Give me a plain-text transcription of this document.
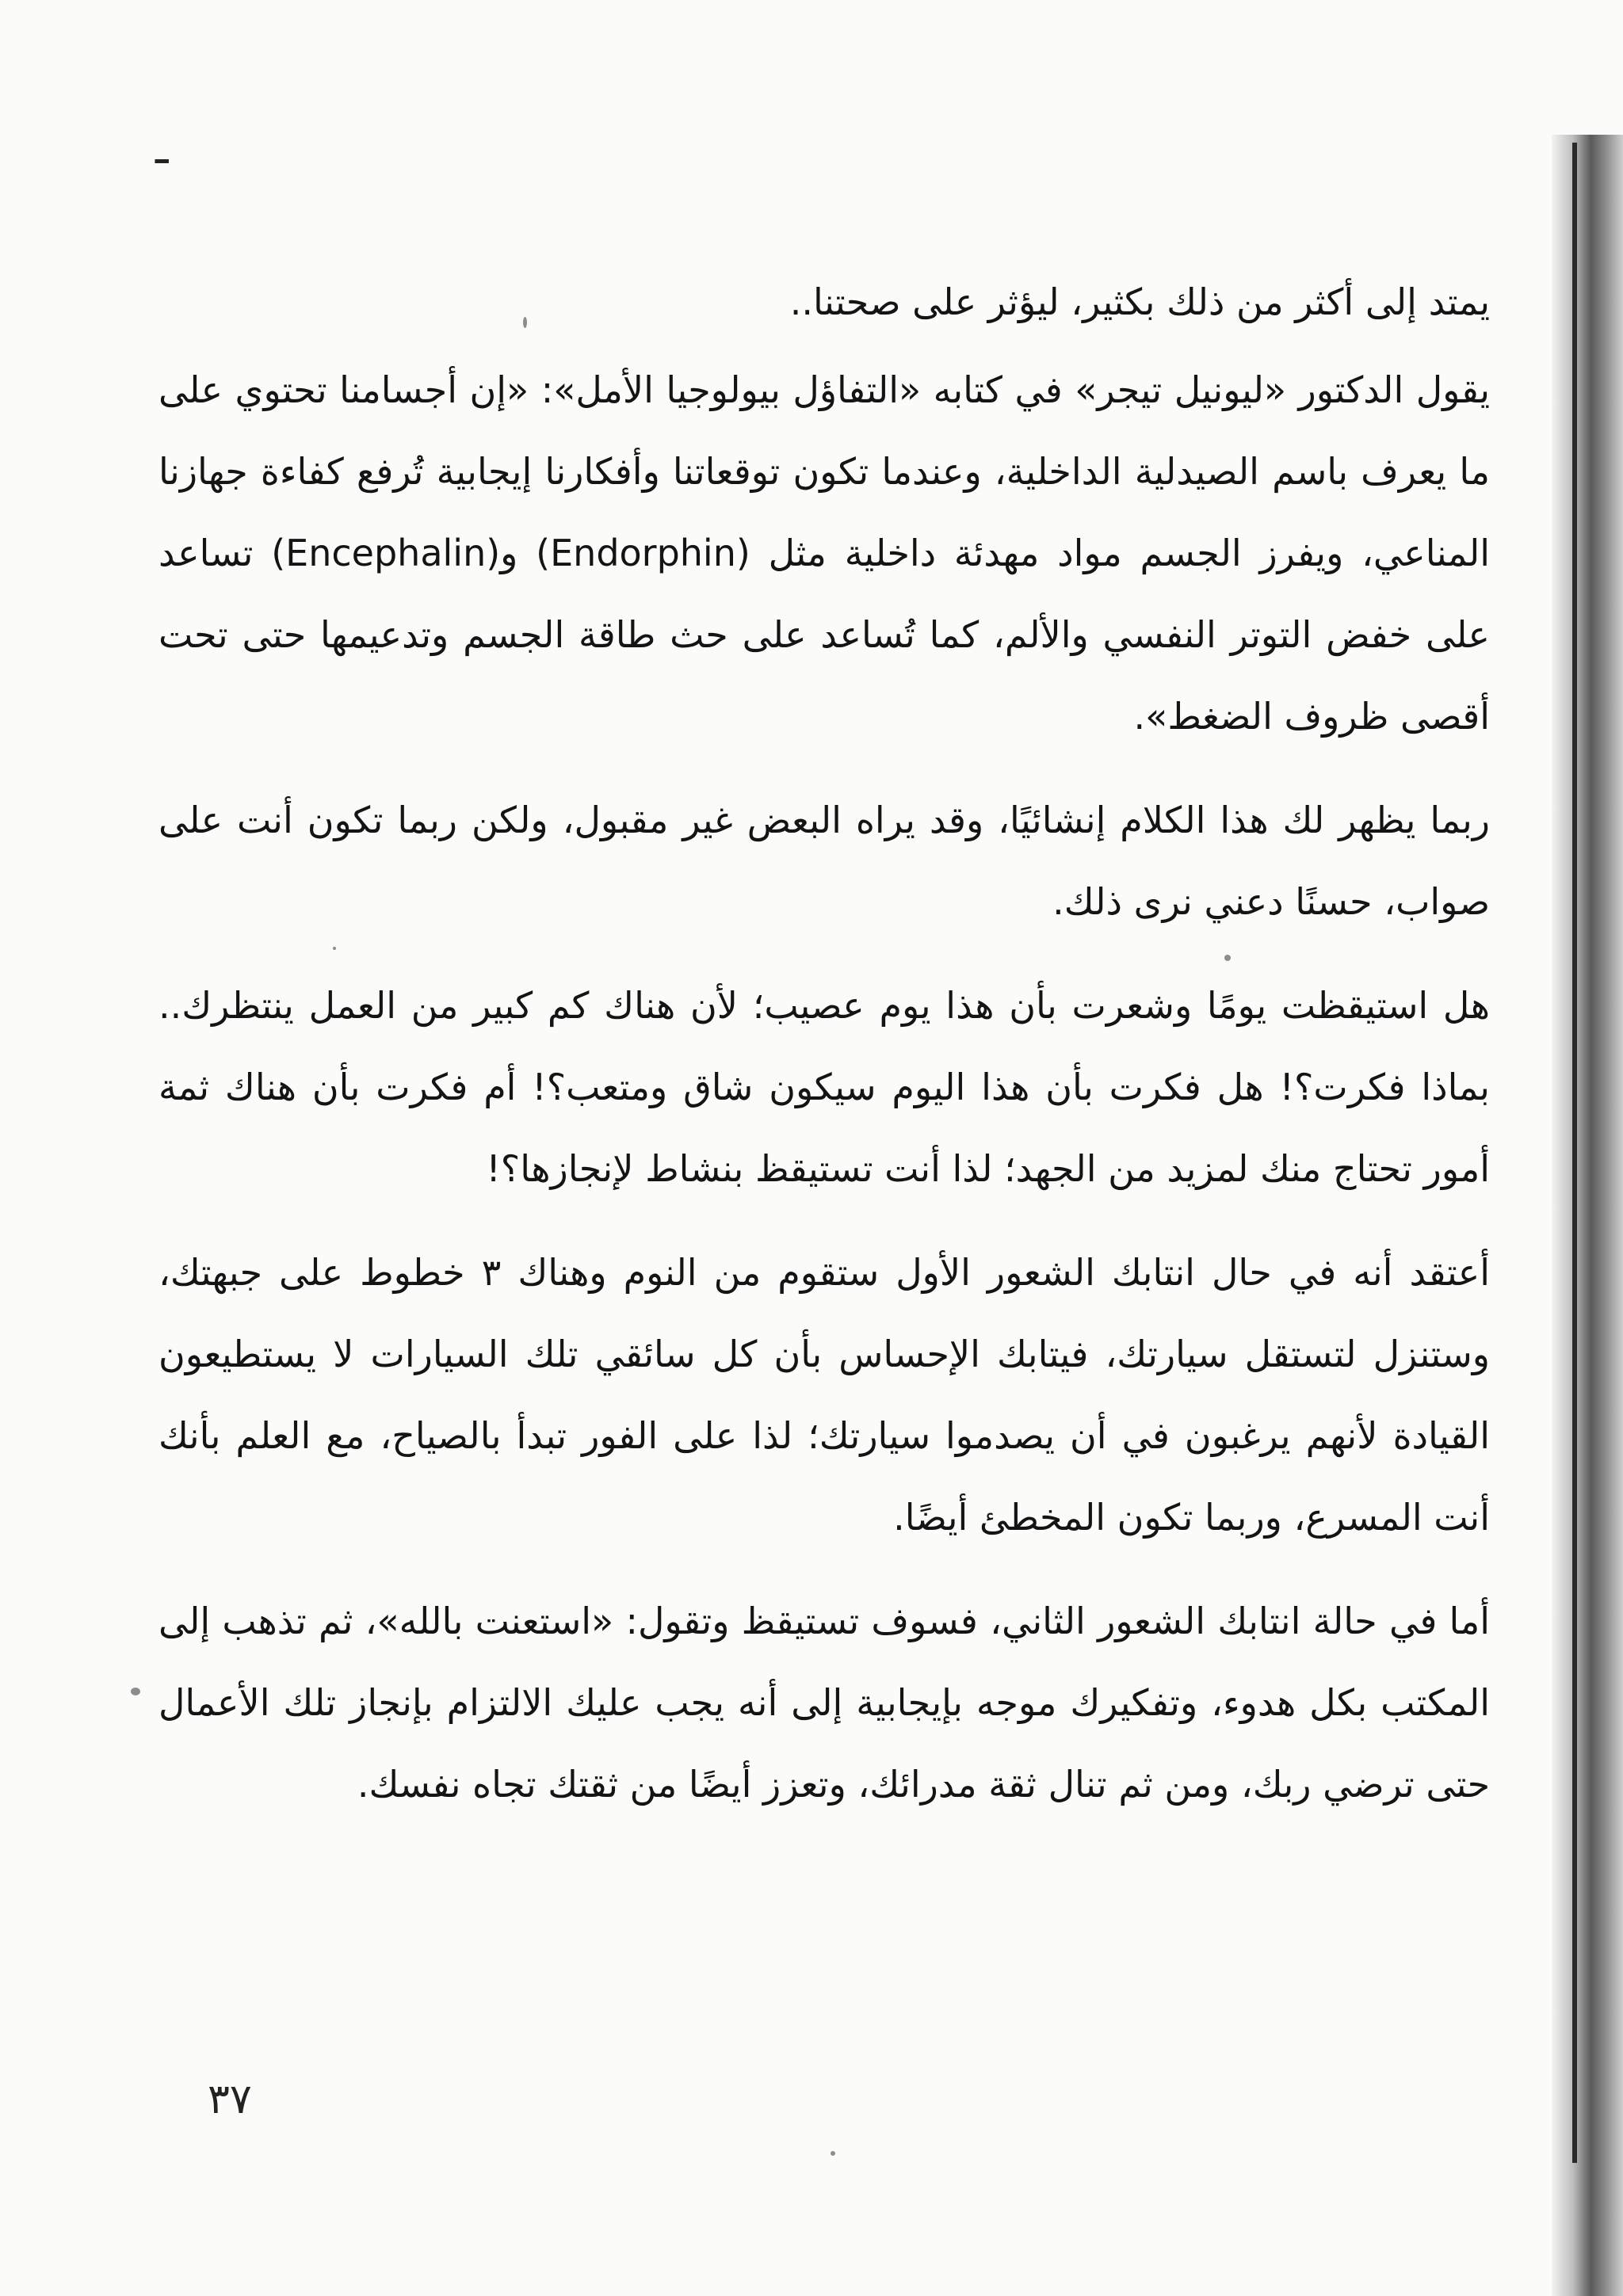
ـ

يمتد إلى أكثر من ذلك بكثير، ليؤثر على صحتنا..

يقول الدكتور «ليونيل تيجر» في كتابه «التفاؤل بيولوجيا الأمل»: «إن أجسامنا تحتوي على ما يعرف باسم الصيدلية الداخلية، وعندما تكون توقعاتنا وأفكارنا إيجابية تُرفع كفاءة جهازنا المناعي، ويفرز الجسم مواد مهدئة داخلية مثل (Endorphin) و(Encephalin) تساعد على خفض التوتر النفسي والألم، كما تُساعد على حث طاقة الجسم وتدعيمها حتى تحت أقصى ظروف الضغط».

ربما يظهر لك هذا الكلام إنشائيًا، وقد يراه البعض غير مقبول، ولكن ربما تكون أنت على صواب، حسنًا دعني نرى ذلك.

هل استيقظت يومًا وشعرت بأن هذا يوم عصيب؛ لأن هناك كم كبير من العمل ينتظرك.. بماذا فكرت؟! هل فكرت بأن هذا اليوم سيكون شاق ومتعب؟! أم فكرت بأن هناك ثمة أمور تحتاج منك لمزيد من الجهد؛ لذا أنت تستيقظ بنشاط لإنجازها؟!

أعتقد أنه في حال انتابك الشعور الأول ستقوم من النوم وهناك ٣ خطوط على جبهتك، وستنزل لتستقل سيارتك، فيتابك الإحساس بأن كل سائقي تلك السيارات لا يستطيعون القيادة لأنهم يرغبون في أن يصدموا سيارتك؛ لذا على الفور تبدأ بالصياح، مع العلم بأنك أنت المسرع، وربما تكون المخطئ أيضًا.

أما في حالة انتابك الشعور الثاني، فسوف تستيقظ وتقول: «استعنت بالله»، ثم تذهب إلى المكتب بكل هدوء، وتفكيرك موجه بإيجابية إلى أنه يجب عليك الالتزام بإنجاز تلك الأعمال حتى ترضي ربك، ومن ثم تنال ثقة مدرائك، وتعزز أيضًا من ثقتك تجاه نفسك.

٣٧
